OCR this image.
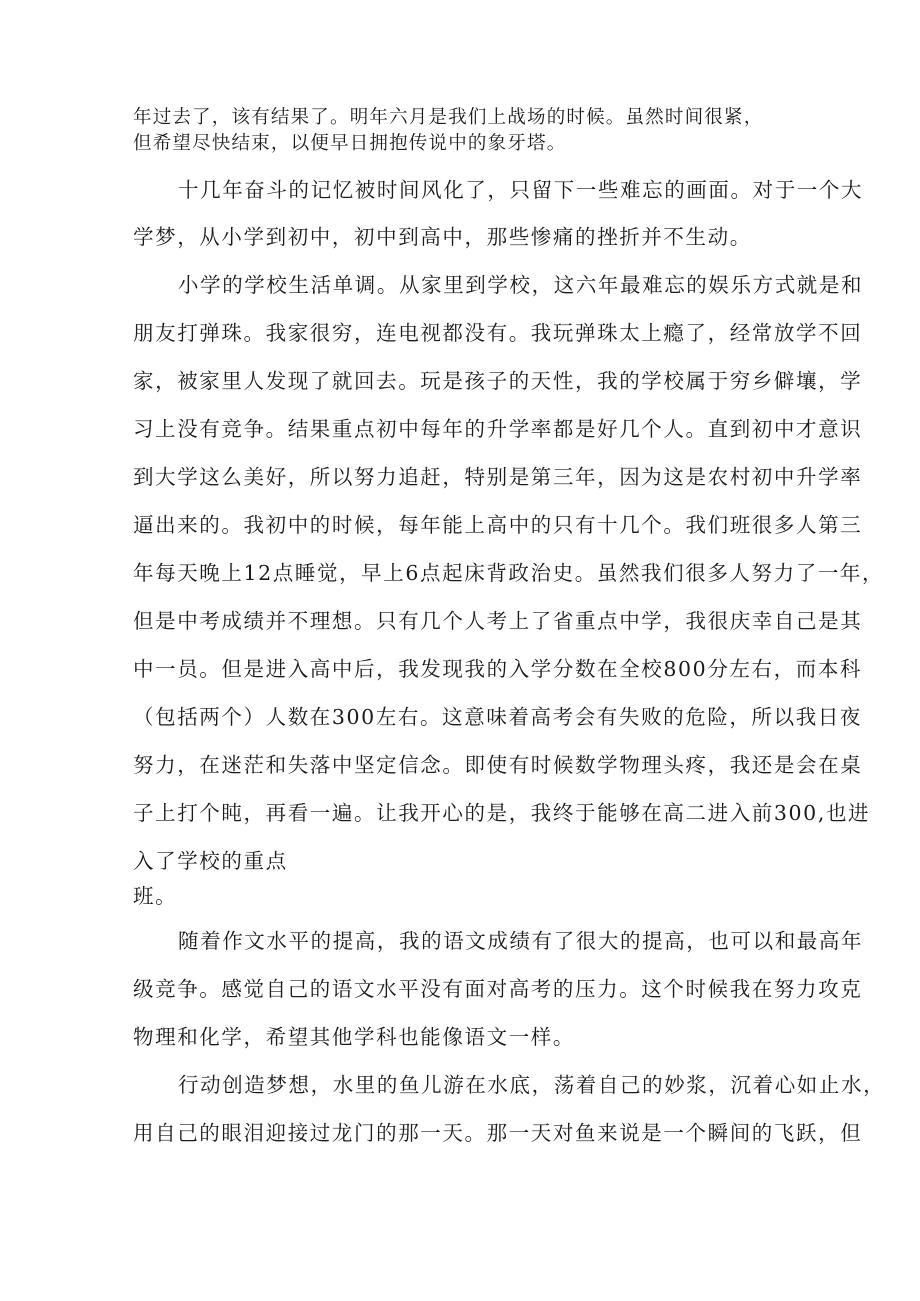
年过去了，该有结果了。明年六月是我们上战场的时候。虽然时间很紧，
但希望尽快结束，以便早日拥抱传说中的象牙塔。
十几年奋斗的记忆被时间风化了，只留下一些难忘的画面。对于一个大
学梦，从小学到初中，初中到高中，那些惨痛的挫折并不生动。
小学的学校生活单调。从家里到学校，这六年最难忘的娱乐方式就是和
朋友打弹珠。我家很穷，连电视都没有。我玩弹珠太上瘾了，经常放学不回
家，被家里人发现了就回去。玩是孩子的天性，我的学校属于穷乡僻壤，学
习上没有竞争。结果重点初中每年的升学率都是好几个人。直到初中才意识
到大学这么美好，所以努力追赶，特别是第三年，因为这是农村初中升学率
逼出来的。我初中的时候，每年能上高中的只有十几个。我们班很多人第三
年每天晚上12点睡觉，早上6点起床背政治史。虽然我们很多人努力了一年，
但是中考成绩并不理想。只有几个人考上了省重点中学，我很庆幸自己是其
中一员。但是进入高中后，我发现我的入学分数在全校800分左右，而本科
（包括两个）人数在300左右。这意味着高考会有失败的危险，所以我日夜
努力，在迷茫和失落中坚定信念。即使有时候数学物理头疼，我还是会在桌
子上打个盹，再看一遍。让我开心的是，我终于能够在高二进入前300,也进
入了学校的重点
班。
随着作文水平的提高，我的语文成绩有了很大的提高，也可以和最高年
级竞争。感觉自己的语文水平没有面对高考的压力。这个时候我在努力攻克
物理和化学，希望其他学科也能像语文一样。
行动创造梦想，水里的鱼儿游在水底，荡着自己的妙浆，沉着心如止水，
用自己的眼泪迎接过龙门的那一天。那一天对鱼来说是一个瞬间的飞跃，但
